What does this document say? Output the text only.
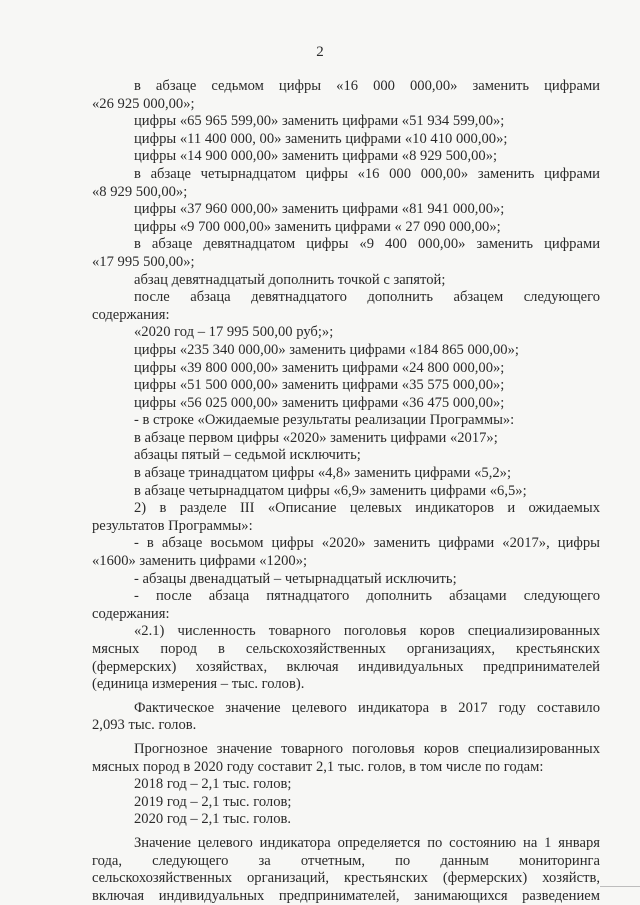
2

в абзаце седьмом цифры «16 000 000,00» заменить цифрами

«26 925 000,00»;

цифры «65 965 599,00» заменить цифрами «51 934 599,00»;

цифры «11 400 000, 00» заменить цифрами «10 410 000,00»;

цифры «14 900 000,00» заменить цифрами «8 929 500,00»;

в абзаце четырнадцатом цифры «16 000 000,00» заменить цифрами

«8 929 500,00»;

цифры «37 960 000,00» заменить цифрами «81 941 000,00»;

цифры «9 700 000,00» заменить цифрами « 27 090 000,00»;

в абзаце девятнадцатом цифры «9 400 000,00» заменить цифрами

«17 995 500,00»;

абзац девятнадцатый дополнить точкой с запятой;

после абзаца девятнадцатого дополнить абзацем следующего

содержания:

«2020 год – 17 995 500,00 руб;»;

цифры «235 340 000,00» заменить цифрами «184 865 000,00»;

цифры «39 800 000,00» заменить цифрами «24 800 000,00»;

цифры «51 500 000,00» заменить цифрами «35 575 000,00»;

цифры «56 025 000,00» заменить цифрами «36 475 000,00»;

- в строке «Ожидаемые результаты реализации Программы»:

в абзаце первом цифры «2020» заменить цифрами «2017»;

абзацы пятый – седьмой исключить;

в абзаце тринадцатом цифры «4,8» заменить цифрами «5,2»;

в абзаце четырнадцатом цифры «6,9» заменить цифрами «6,5»;

2) в разделе III «Описание целевых индикаторов и ожидаемых

результатов Программы»:

- в абзаце восьмом цифры «2020» заменить цифрами «2017», цифры

«1600» заменить цифрами «1200»;

- абзацы двенадцатый – четырнадцатый исключить;

- после абзаца пятнадцатого дополнить абзацами следующего

содержания:

«2.1) численность товарного поголовья коров специализированных

мясных пород в сельскохозяйственных организациях, крестьянских

(фермерских) хозяйствах, включая индивидуальных предпринимателей

(единица измерения – тыс. голов).

Фактическое значение целевого индикатора в 2017 году составило

2,093 тыс. голов.

Прогнозное значение товарного поголовья коров специализированных

мясных пород в 2020 году составит 2,1 тыс. голов, в том числе по годам:

2018 год – 2,1 тыс. голов;

2019 год – 2,1 тыс. голов;

2020 год – 2,1 тыс. голов.

Значение целевого индикатора определяется по состоянию на 1 января

года, следующего за отчетным, по данным мониторинга

сельскохозяйственных организаций, крестьянских (фермерских) хозяйств,

включая индивидуальных предпринимателей, занимающихся разведением
